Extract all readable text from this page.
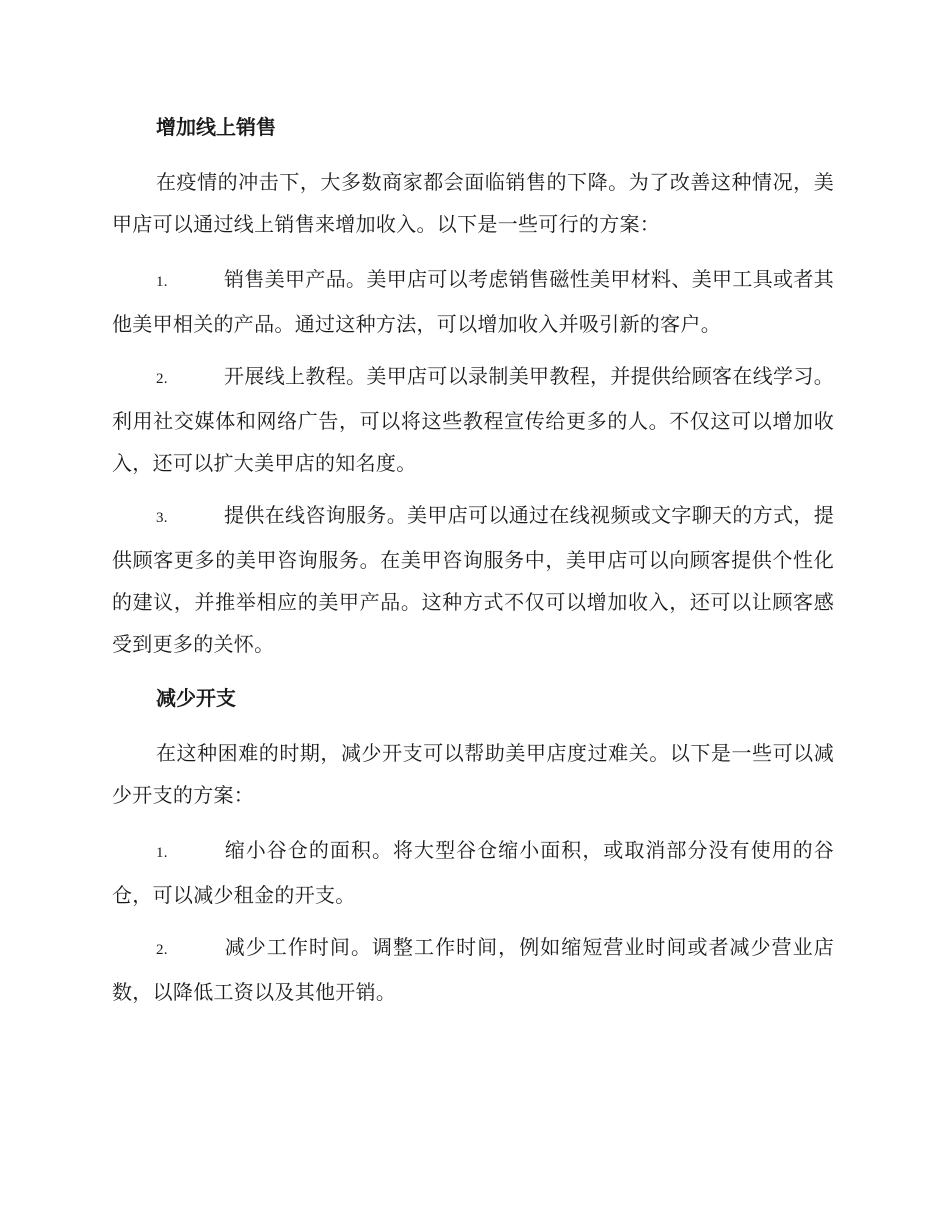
增加线上销售
在疫情的冲击下，大多数商家都会面临销售的下降。为了改善这种情况，美甲店可以通过线上销售来增加收入。以下是一些可行的方案：
1.	销售美甲产品。美甲店可以考虑销售磁性美甲材料、美甲工具或者其他美甲相关的产品。通过这种方法，可以增加收入并吸引新的客户。
2.	开展线上教程。美甲店可以录制美甲教程，并提供给顾客在线学习。利用社交媒体和网络广告，可以将这些教程宣传给更多的人。不仅这可以增加收入，还可以扩大美甲店的知名度。
3.	提供在线咨询服务。美甲店可以通过在线视频或文字聊天的方式，提供顾客更多的美甲咨询服务。在美甲咨询服务中，美甲店可以向顾客提供个性化的建议，并推举相应的美甲产品。这种方式不仅可以增加收入，还可以让顾客感受到更多的关怀。
减少开支
在这种困难的时期，减少开支可以帮助美甲店度过难关。以下是一些可以减少开支的方案：
1.	缩小谷仓的面积。将大型谷仓缩小面积，或取消部分没有使用的谷仓，可以减少租金的开支。
2.	减少工作时间。调整工作时间，例如缩短营业时间或者减少营业店数，以降低工资以及其他开销。
